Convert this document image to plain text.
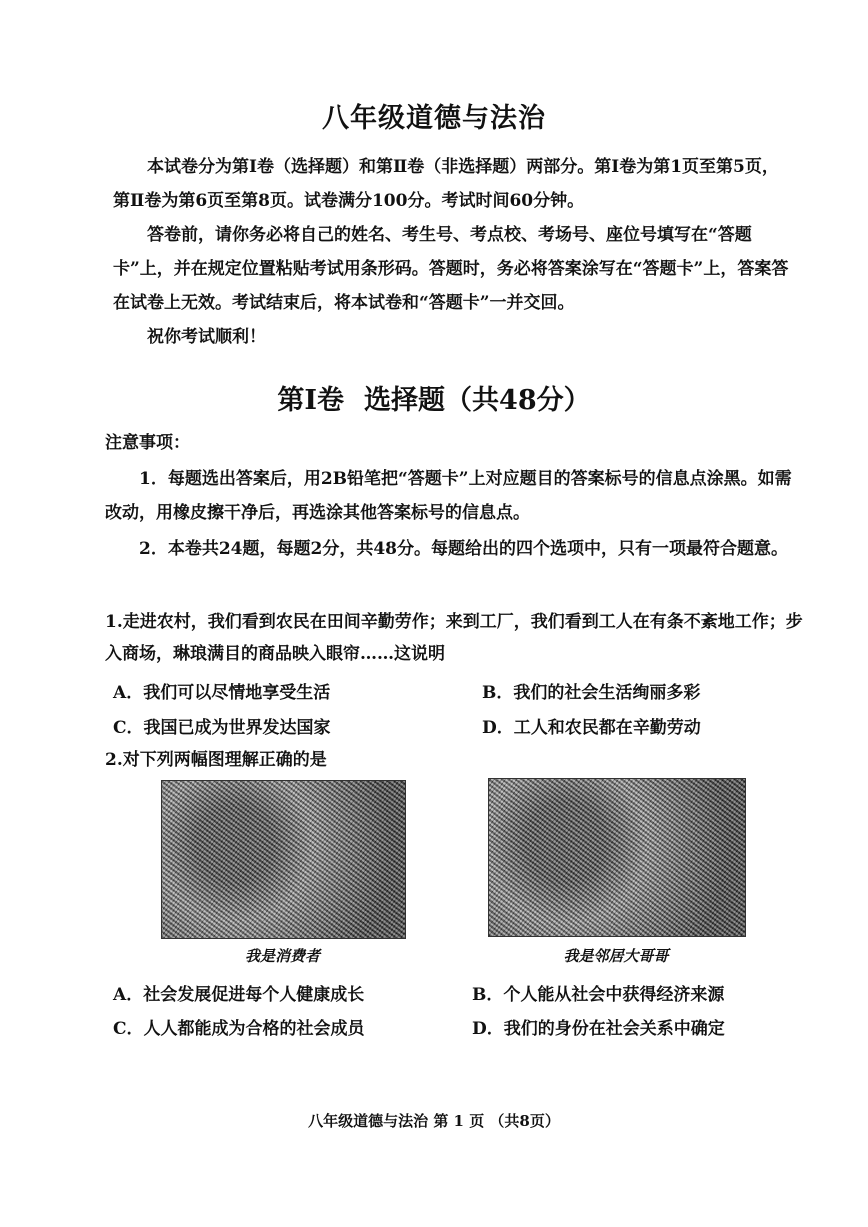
八年级道德与法治
本试卷分为第Ⅰ卷（选择题）和第Ⅱ卷（非选择题）两部分。第Ⅰ卷为第1页至第5页，第Ⅱ卷为第6页至第8页。试卷满分100分。考试时间60分钟。
答卷前，请你务必将自己的姓名、考生号、考点校、考场号、座位号填写在“答题卡”上，并在规定位置粘贴考试用条形码。答题时，务必将答案涂写在“答题卡”上，答案答在试卷上无效。考试结束后，将本试卷和“答题卡”一并交回。
祝你考试顺利！
第Ⅰ卷 选择题（共48分）
注意事项：
1．每题选出答案后，用2B铅笔把“答题卡”上对应题目的答案标号的信息点涂黑。如需改动，用橡皮擦干净后，再选涂其他答案标号的信息点。
2．本卷共24题，每题2分，共48分。每题给出的四个选项中，只有一项最符合题意。
1.走进农村，我们看到农民在田间辛勤劳作；来到工厂，我们看到工人在有条不紊地工作；步入商场，琳琅满目的商品映入眼帘……这说明
A．我们可以尽情地享受生活	B．我们的社会生活绚丽多彩
C．我国已成为世界发达国家	D．工人和农民都在辛勤劳动
2.对下列两幅图理解正确的是
我是消费者	我是邻居大哥哥
A．社会发展促进每个人健康成长	B．个人能从社会中获得经济来源
C．人人都能成为合格的社会成员	D．我们的身份在社会关系中确定
八年级道德与法治 第 1 页 （共8页）
